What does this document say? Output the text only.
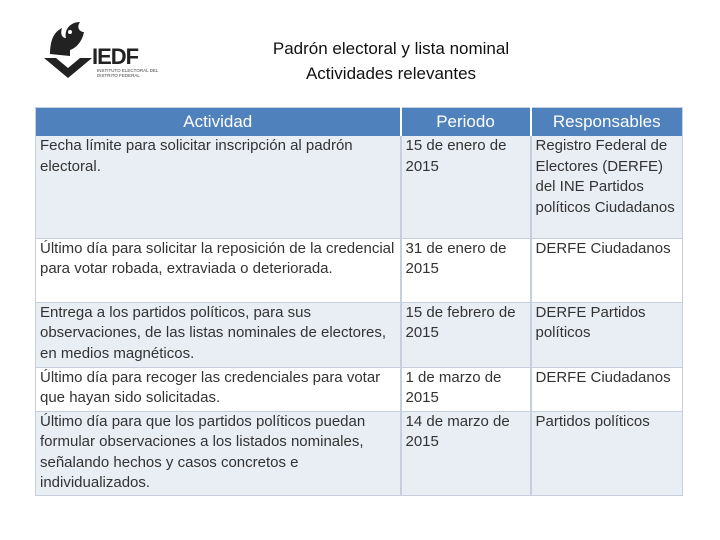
IEDF
INSTITUTO ELECTORAL DEL DISTRITO FEDERAL
Padrón electoral y lista nominal
Actividades relevantes
Actividad	Periodo	Responsables
Fecha límite para solicitar inscripción al padrón electoral.	15 de enero de 2015	Registro Federal de Electores (DERFE) del INE Partidos políticos Ciudadanos
Último día para solicitar la reposición de la credencial para votar robada, extraviada o deteriorada.	31 de enero de 2015	DERFE Ciudadanos
Entrega a los partidos políticos, para sus observaciones, de las listas nominales de electores, en medios magnéticos.	15 de febrero de 2015	DERFE Partidos políticos
Último día para recoger las credenciales para votar que hayan sido solicitadas.	1 de marzo de 2015	DERFE Ciudadanos
Último día para que los partidos políticos puedan formular observaciones a los listados nominales, señalando hechos y casos concretos e individualizados.	14 de marzo de 2015	Partidos políticos
